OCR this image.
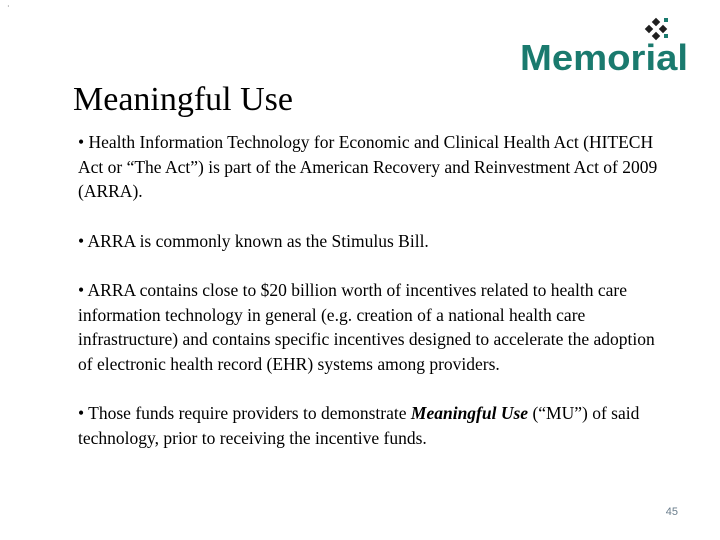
·
Memorial
Meaningful Use

• Health Information Technology for Economic and Clinical Health Act (HITECH Act or “The Act”) is part of the American Recovery and Reinvestment Act of 2009 (ARRA).

• ARRA is commonly known as the Stimulus Bill.

• ARRA contains close to $20 billion worth of incentives related to health care information technology in general (e.g. creation of a national health care infrastructure) and contains specific incentives designed to accelerate the adoption of electronic health record (EHR) systems among providers.

• Those funds require providers to demonstrate Meaningful Use (“MU”) of said technology, prior to receiving the incentive funds.

45
